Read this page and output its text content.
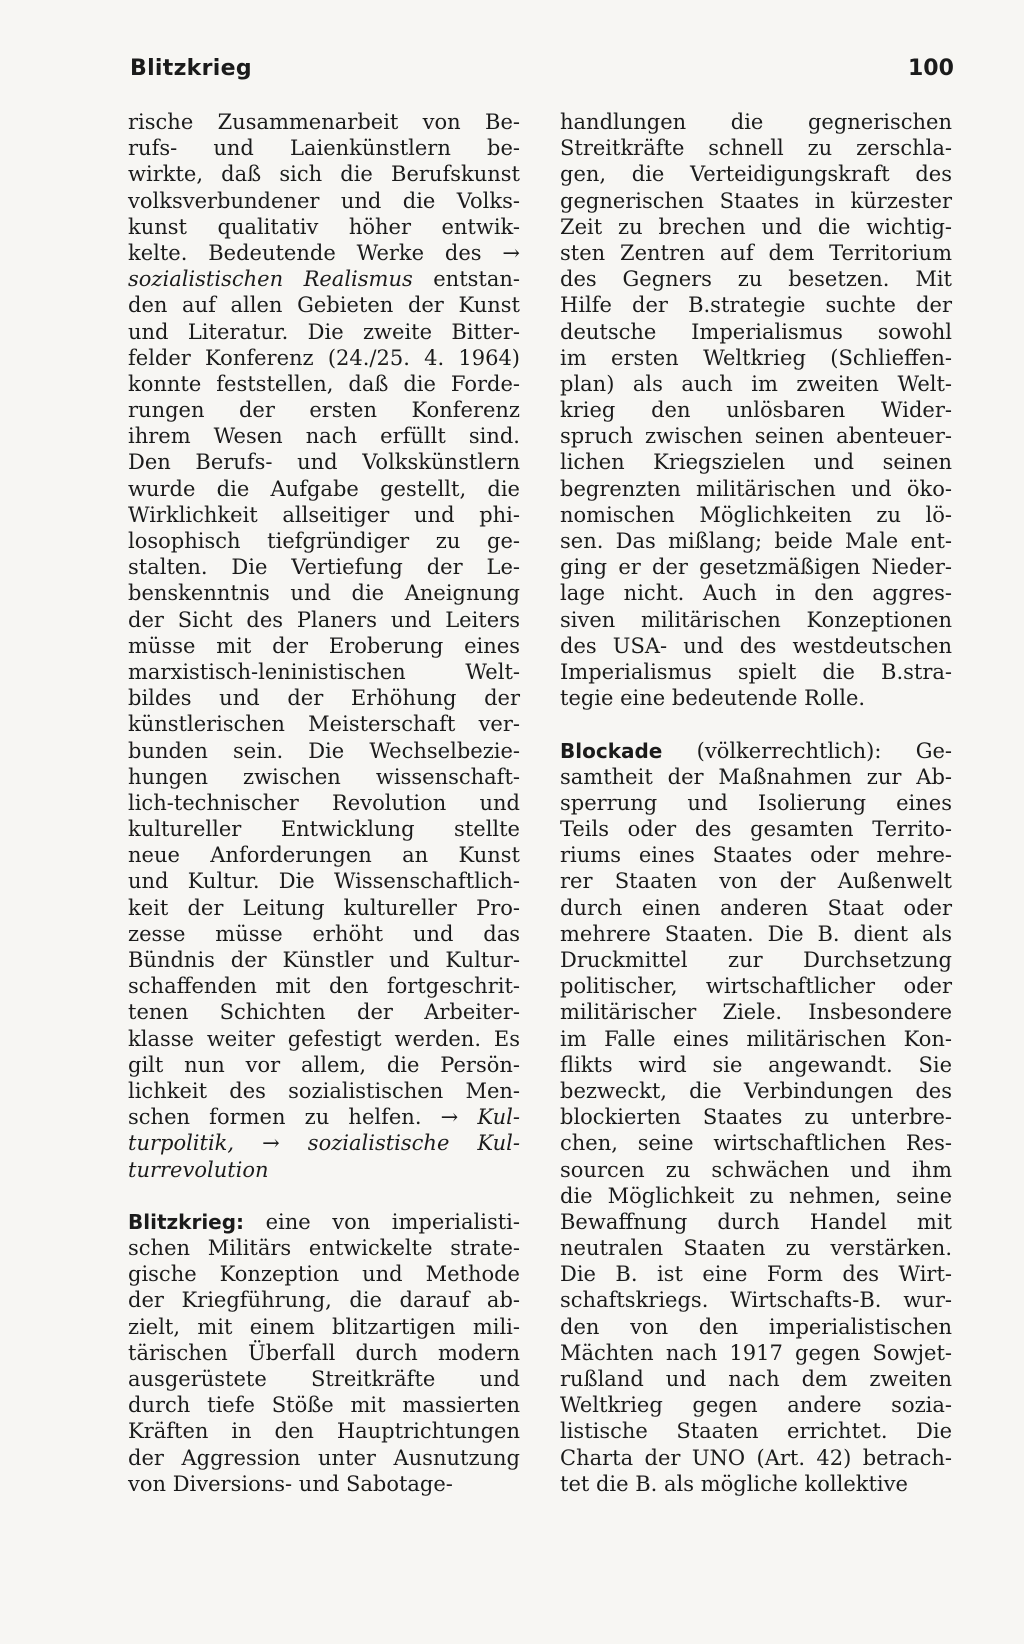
Blitzkrieg	100
rische Zusammenarbeit von Be-
rufs- und Laienkünstlern be-
wirkte, daß sich die Berufskunst
volksverbundener und die Volks-
kunst qualitativ höher entwik-
kelte. Bedeutende Werke des →
sozialistischen Realismus entstan-
den auf allen Gebieten der Kunst
und Literatur. Die zweite Bitter-
felder Konferenz (24./25. 4. 1964)
konnte feststellen, daß die Forde-
rungen der ersten Konferenz
ihrem Wesen nach erfüllt sind.
Den Berufs- und Volkskünstlern
wurde die Aufgabe gestellt, die
Wirklichkeit allseitiger und phi-
losophisch tiefgründiger zu ge-
stalten. Die Vertiefung der Le-
benskenntnis und die Aneignung
der Sicht des Planers und Leiters
müsse mit der Eroberung eines
marxistisch-leninistischen Welt-
bildes und der Erhöhung der
künstlerischen Meisterschaft ver-
bunden sein. Die Wechselbezie-
hungen zwischen wissenschaft-
lich-technischer Revolution und
kultureller Entwicklung stellte
neue Anforderungen an Kunst
und Kultur. Die Wissenschaftlich-
keit der Leitung kultureller Pro-
zesse müsse erhöht und das
Bündnis der Künstler und Kultur-
schaffenden mit den fortgeschrit-
tenen Schichten der Arbeiter-
klasse weiter gefestigt werden. Es
gilt nun vor allem, die Persön-
lichkeit des sozialistischen Men-
schen formen zu helfen. → Kul-
turpolitik, → sozialistische Kul-
turrevolution
Blitzkrieg: eine von imperialisti-
schen Militärs entwickelte strate-
gische Konzeption und Methode
der Kriegführung, die darauf ab-
zielt, mit einem blitzartigen mili-
tärischen Überfall durch modern
ausgerüstete Streitkräfte und
durch tiefe Stöße mit massierten
Kräften in den Hauptrichtungen
der Aggression unter Ausnutzung
von Diversions- und Sabotage-
handlungen die gegnerischen
Streitkräfte schnell zu zerschla-
gen, die Verteidigungskraft des
gegnerischen Staates in kürzester
Zeit zu brechen und die wichtig-
sten Zentren auf dem Territorium
des Gegners zu besetzen. Mit
Hilfe der B.strategie suchte der
deutsche Imperialismus sowohl
im ersten Weltkrieg (Schlieffen-
plan) als auch im zweiten Welt-
krieg den unlösbaren Wider-
spruch zwischen seinen abenteuer-
lichen Kriegszielen und seinen
begrenzten militärischen und öko-
nomischen Möglichkeiten zu lö-
sen. Das mißlang; beide Male ent-
ging er der gesetzmäßigen Nieder-
lage nicht. Auch in den aggres-
siven militärischen Konzeptionen
des USA- und des westdeutschen
Imperialismus spielt die B.stra-
tegie eine bedeutende Rolle.
Blockade (völkerrechtlich): Ge-
samtheit der Maßnahmen zur Ab-
sperrung und Isolierung eines
Teils oder des gesamten Territo-
riums eines Staates oder mehre-
rer Staaten von der Außenwelt
durch einen anderen Staat oder
mehrere Staaten. Die B. dient als
Druckmittel zur Durchsetzung
politischer, wirtschaftlicher oder
militärischer Ziele. Insbesondere
im Falle eines militärischen Kon-
flikts wird sie angewandt. Sie
bezweckt, die Verbindungen des
blockierten Staates zu unterbre-
chen, seine wirtschaftlichen Res-
sourcen zu schwächen und ihm
die Möglichkeit zu nehmen, seine
Bewaffnung durch Handel mit
neutralen Staaten zu verstärken.
Die B. ist eine Form des Wirt-
schaftskriegs. Wirtschafts-B. wur-
den von den imperialistischen
Mächten nach 1917 gegen Sowjet-
rußland und nach dem zweiten
Weltkrieg gegen andere sozia-
listische Staaten errichtet. Die
Charta der UNO (Art. 42) betrach-
tet die B. als mögliche kollektive
